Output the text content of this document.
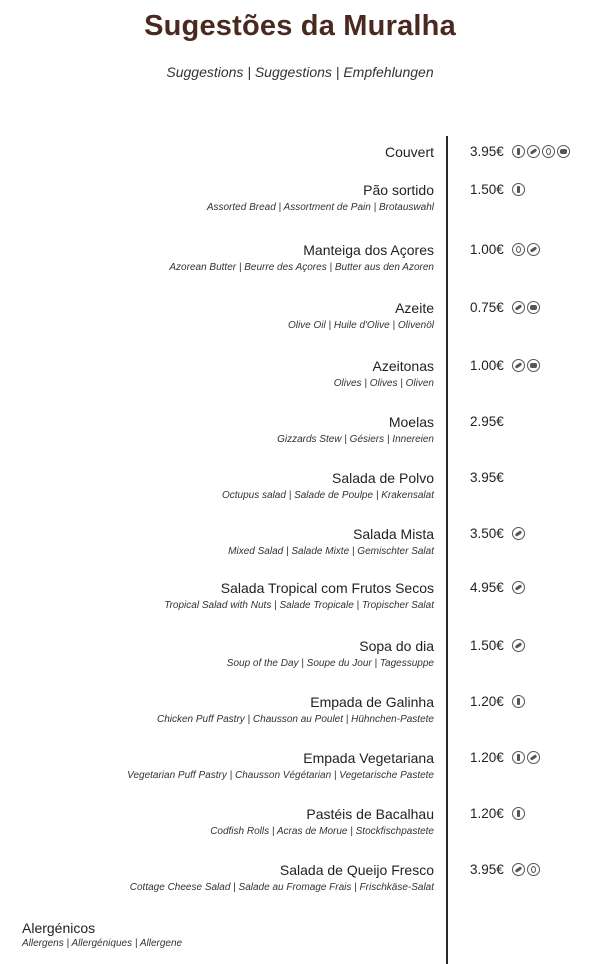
Sugestões da Muralha
Suggestions | Suggestions | Empfehlungen
Couvert	3.95€
Pão sortido
Assorted Bread | Assortment de Pain | Brotauswahl
1.50€
Manteiga dos Açores
Azorean Butter | Beurre des Açores | Butter aus den Azoren
1.00€
Azeite
Olive Oil | Huile d'Olive | Olivenöl
0.75€
Azeitonas
Olives | Olives | Oliven
1.00€
Moelas
Gizzards Stew | Gésiers | Innereien
2.95€
Salada de Polvo
Octupus salad | Salade de Poulpe | Krakensalat
3.95€
Salada Mista
Mixed Salad | Salade Mixte | Gemischter Salat
3.50€
Salada Tropical com Frutos Secos
Tropical Salad with Nuts | Salade Tropicale | Tropischer Salat
4.95€
Sopa do dia
Soup of the Day | Soupe du Jour | Tagessuppe
1.50€
Empada de Galinha
Chicken Puff Pastry | Chausson au Poulet | Hühnchen-Pastete
1.20€
Empada Vegetariana
Vegetarian Puff Pastry | Chausson Végétarian | Vegetarische Pastete
1.20€
Pastéis de Bacalhau
Codfish Rolls | Acras de Morue | Stockfischpastete
1.20€
Salada de Queijo Fresco
Cottage Cheese Salad | Salade au Fromage Frais | Frischkäse-Salat
3.95€
Alergénicos
Allergens | Allergéniques | Allergene
